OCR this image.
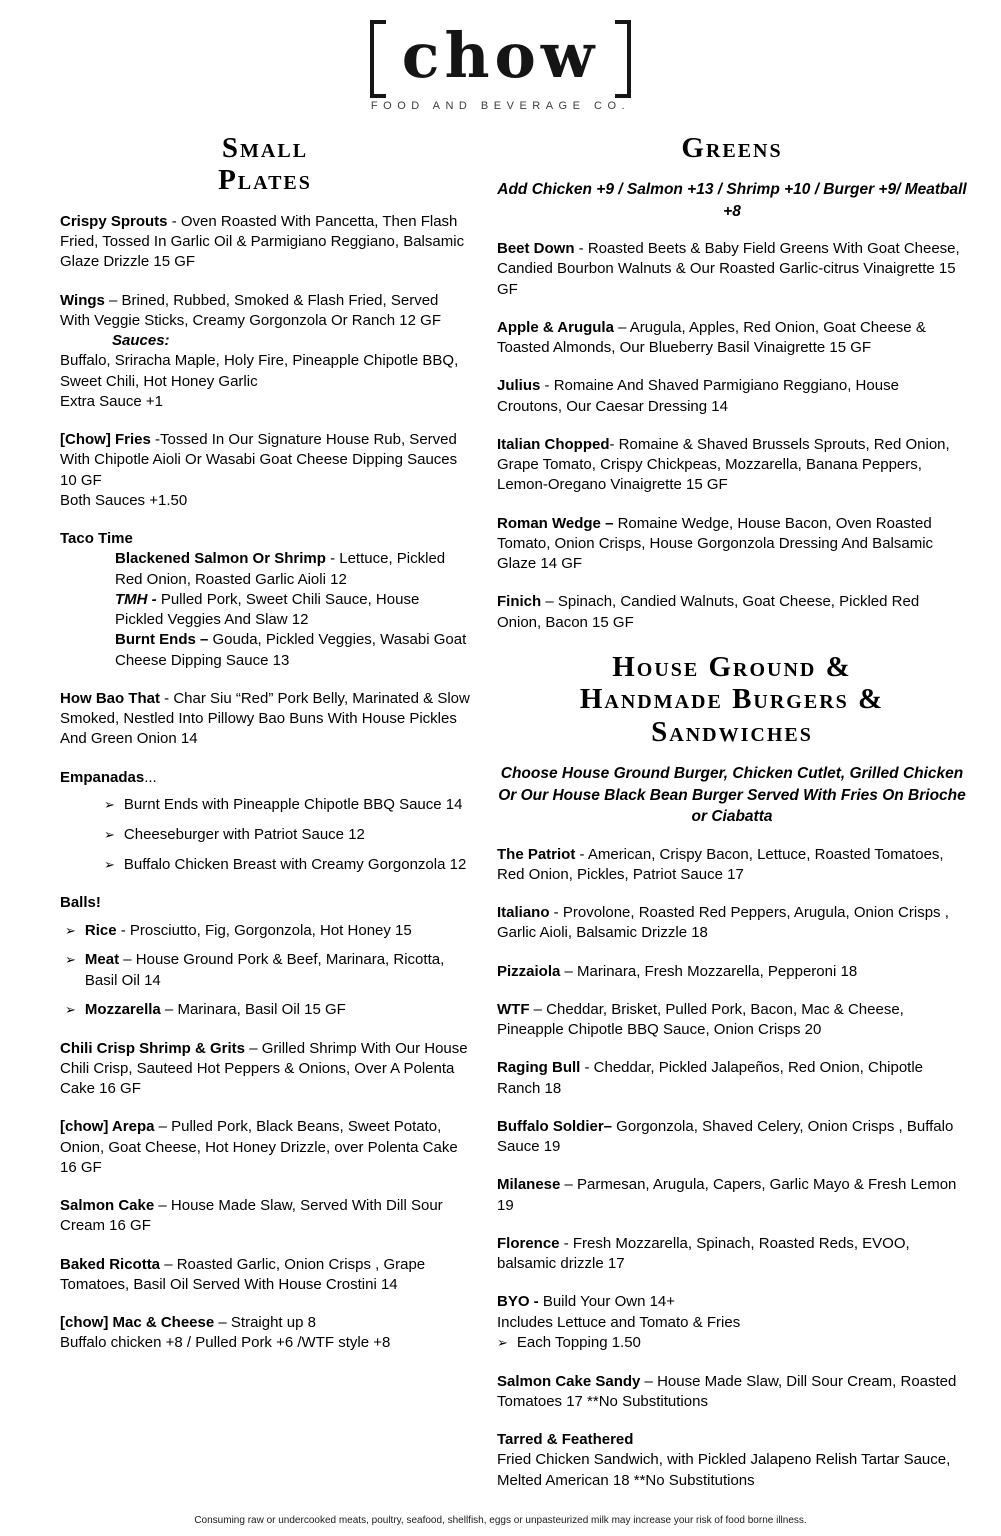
chow
FOOD AND BEVERAGE CO.
Small
Plates
Crispy Sprouts - Oven Roasted With Pancetta, Then Flash Fried, Tossed In Garlic Oil & Parmigiano Reggiano, Balsamic Glaze Drizzle 15 GF
Wings – Brined, Rubbed, Smoked & Flash Fried, Served With Veggie Sticks, Creamy Gorgonzola Or Ranch 12 GF
Sauces:
Buffalo, Sriracha Maple, Holy Fire, Pineapple Chipotle BBQ, Sweet Chili, Hot Honey Garlic
Extra Sauce +1
[Chow] Fries -Tossed In Our Signature House Rub, Served With Chipotle Aioli Or Wasabi Goat Cheese Dipping Sauces 10 GF
Both Sauces +1.50
Taco Time
Blackened Salmon Or Shrimp - Lettuce, Pickled Red Onion, Roasted Garlic Aioli 12
TMH - Pulled Pork, Sweet Chili Sauce, House Pickled Veggies And Slaw 12
Burnt Ends – Gouda, Pickled Veggies, Wasabi Goat Cheese Dipping Sauce 13
How Bao That - Char Siu “Red” Pork Belly, Marinated & Slow Smoked, Nestled Into Pillowy Bao Buns With House Pickles And Green Onion 14
Empanadas...
➢ Burnt Ends with Pineapple Chipotle BBQ Sauce 14
➢ Cheeseburger with Patriot Sauce 12
➢ Buffalo Chicken Breast with Creamy Gorgonzola 12
Balls!
➢ Rice - Prosciutto, Fig, Gorgonzola, Hot Honey 15
➢ Meat – House Ground Pork & Beef, Marinara, Ricotta, Basil Oil 14
➢ Mozzarella – Marinara, Basil Oil 15 GF
Chili Crisp Shrimp & Grits – Grilled Shrimp With Our House Chili Crisp, Sauteed Hot Peppers & Onions, Over A Polenta Cake 16 GF
[chow] Arepa – Pulled Pork, Black Beans, Sweet Potato, Onion, Goat Cheese, Hot Honey Drizzle, over Polenta Cake 16 GF
Salmon Cake – House Made Slaw, Served With Dill Sour Cream 16 GF
Baked Ricotta – Roasted Garlic, Onion Crisps , Grape Tomatoes, Basil Oil Served With House Crostini 14
[chow] Mac & Cheese – Straight up 8
Buffalo chicken +8 / Pulled Pork +6 /WTF style +8
Greens
Add Chicken +9 / Salmon +13 / Shrimp +10 / Burger +9/ Meatball +8
Beet Down - Roasted Beets & Baby Field Greens With Goat Cheese, Candied Bourbon Walnuts & Our Roasted Garlic-citrus Vinaigrette 15 GF
Apple & Arugula – Arugula, Apples, Red Onion, Goat Cheese & Toasted Almonds, Our Blueberry Basil Vinaigrette 15 GF
Julius - Romaine And Shaved Parmigiano Reggiano, House Croutons, Our Caesar Dressing 14
Italian Chopped- Romaine & Shaved Brussels Sprouts, Red Onion, Grape Tomato, Crispy Chickpeas, Mozzarella, Banana Peppers, Lemon-Oregano Vinaigrette 15 GF
Roman Wedge – Romaine Wedge, House Bacon, Oven Roasted Tomato, Onion Crisps, House Gorgonzola Dressing And Balsamic Glaze 14 GF
Finich – Spinach, Candied Walnuts, Goat Cheese, Pickled Red Onion, Bacon 15 GF
House Ground &
Handmade Burgers &
Sandwiches
Choose House Ground Burger, Chicken Cutlet, Grilled Chicken Or Our House Black Bean Burger Served With Fries On Brioche or Ciabatta
The Patriot - American, Crispy Bacon, Lettuce, Roasted Tomatoes, Red Onion, Pickles, Patriot Sauce 17
Italiano - Provolone, Roasted Red Peppers, Arugula, Onion Crisps , Garlic Aioli, Balsamic Drizzle 18
Pizzaiola – Marinara, Fresh Mozzarella, Pepperoni 18
WTF – Cheddar, Brisket, Pulled Pork, Bacon, Mac & Cheese, Pineapple Chipotle BBQ Sauce, Onion Crisps 20
Raging Bull - Cheddar, Pickled Jalapeños, Red Onion, Chipotle Ranch 18
Buffalo Soldier– Gorgonzola, Shaved Celery, Onion Crisps , Buffalo Sauce 19
Milanese – Parmesan, Arugula, Capers, Garlic Mayo & Fresh Lemon 19
Florence - Fresh Mozzarella, Spinach, Roasted Reds, EVOO, balsamic drizzle 17
BYO - Build Your Own 14+
Includes Lettuce and Tomato & Fries
➢ Each Topping 1.50
Salmon Cake Sandy – House Made Slaw, Dill Sour Cream, Roasted Tomatoes 17 **No Substitutions
Tarred & Feathered
Fried Chicken Sandwich, with Pickled Jalapeno Relish Tartar Sauce, Melted American 18 **No Substitutions
Consuming raw or undercooked meats, poultry, seafood, shellfish, eggs or unpasteurized milk may increase your risk of food borne illness.
